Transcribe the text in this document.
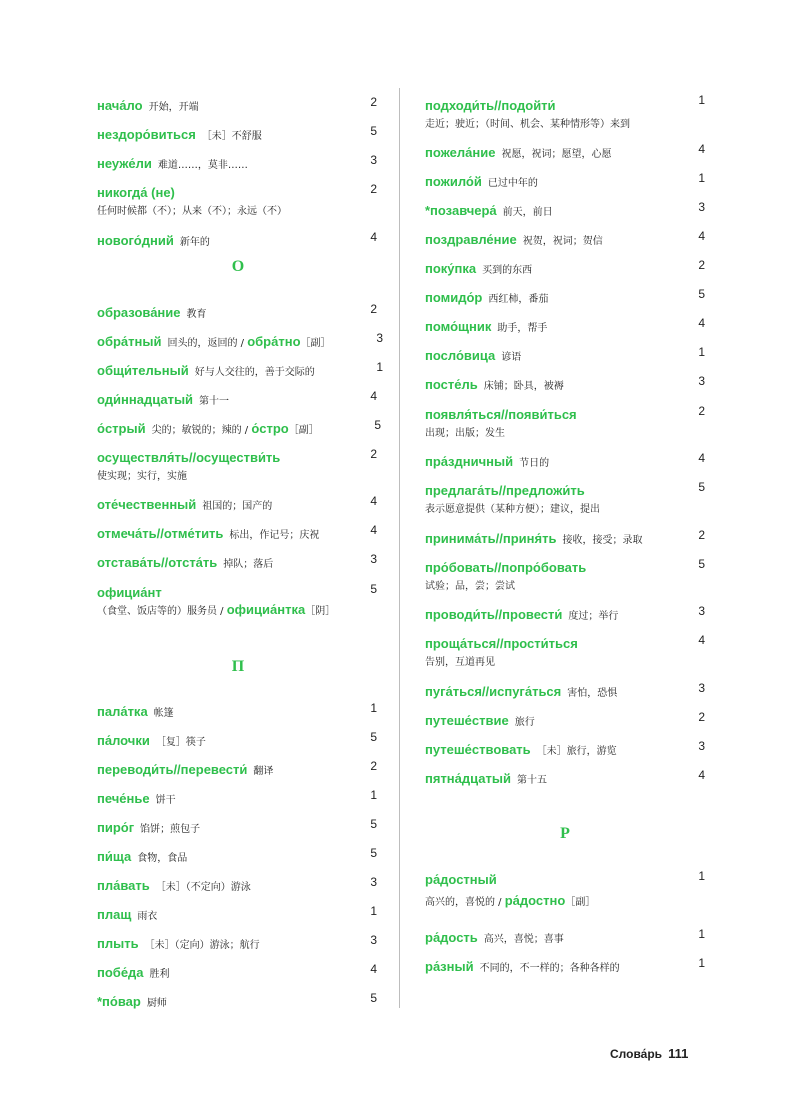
нача́ло 开始，开端	2
нездоро́виться ［未］不舒服	5
неуже́ли 难道……，莫非……	3
никогда́ (не)	2
任何时候都（不）；从来（不）；永远（不）
нового́дний 新年的	4
О
образова́ние 教育	2
обра́тный 回头的，返回的 / обра́тно［副］	3
общи́тельный 好与人交往的，善于交际的	1
оди́ннадцатый 第十一	4
о́стрый 尖的；敏锐的；辣的 / о́стро［副］	5
осуществля́ть//осуществи́ть	2
使实现；实行，实施
оте́чественный 祖国的；国产的	4
отмеча́ть//отме́тить 标出，作记号；庆祝	4
отстава́ть//отста́ть 掉队；落后	3
официа́нт	5
（食堂、饭店等的）服务员 / официа́нтка［阴］
П
пала́тка 帐篷	1
па́лочки ［复］筷子	5
переводи́ть//перевести́ 翻译	2
пече́нье 饼干	1
пиро́г 馅饼；煎包子	5
пи́ща 食物，食品	5
пла́вать ［未］（不定向）游泳	3
плащ 雨衣	1
плыть ［未］（定向）游泳；航行	3
побе́да 胜利	4
*по́вар 厨师	5
подходи́ть//подойти́	1
走近；驶近；（时间、机会、某种情形等）来到
пожела́ние 祝愿，祝词；愿望，心愿	4
пожило́й 已过中年的	1
*позавчера́ 前天，前日	3
поздравле́ние 祝贺，祝词；贺信	4
поку́пка 买到的东西	2
помидо́р 西红柿，番茄	5
помо́щник 助手，帮手	4
посло́вица 谚语	1
посте́ль 床铺；卧具，被褥	3
появля́ться//появи́ться	2
出现；出版；发生
пра́здничный 节日的	4
предлага́ть//предложи́ть	5
表示愿意提供（某种方便）；建议，提出
принима́ть//приня́ть 接收，接受；录取	2
про́бовать//попро́бовать	5
试验；品，尝；尝试
проводи́ть//провести́ 度过；举行	3
проща́ться//прости́ться	4
告别，互道再见
пуга́ться//испуга́ться 害怕，恐惧	3
путеше́ствие 旅行	2
путеше́ствовать ［未］旅行，游览	3
пятна́дцатый 第十五	4
Р
ра́достный	1
高兴的，喜悦的 / ра́достно［副］
ра́дость 高兴，喜悦；喜事	1
ра́зный 不同的，不一样的；各种各样的	1
Слова́рь 111
